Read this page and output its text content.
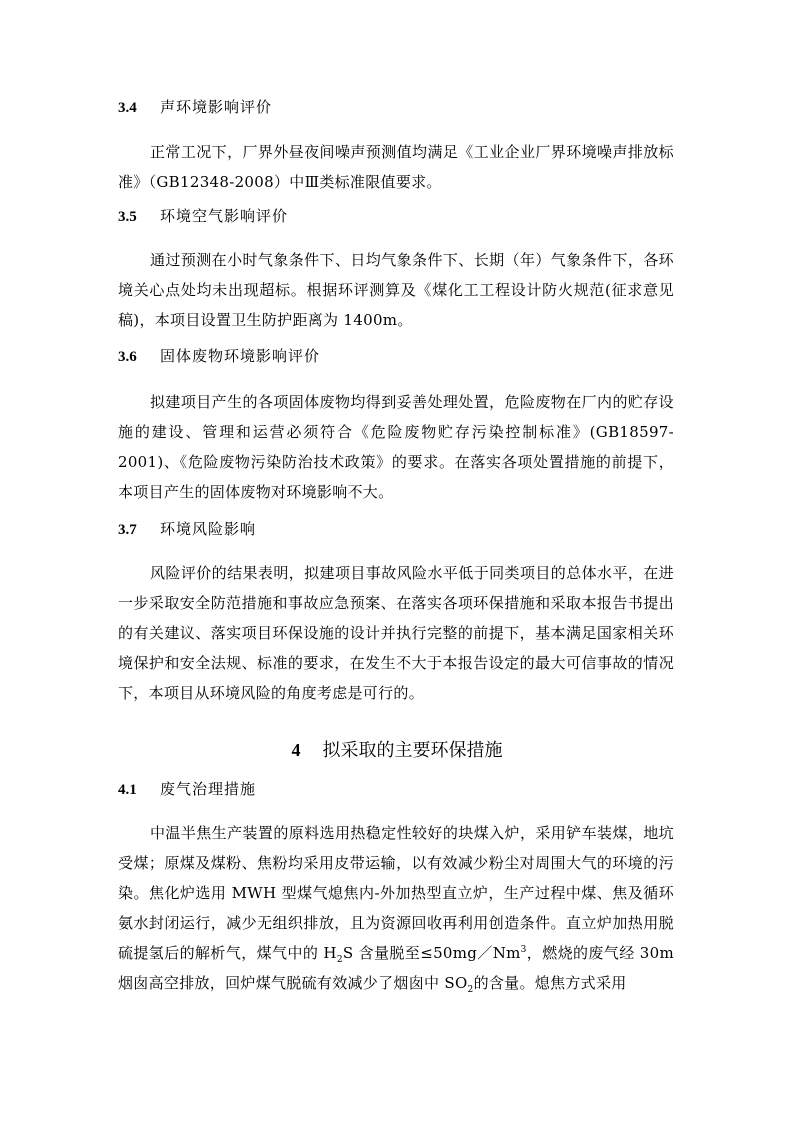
3.4 声环境影响评价
正常工况下，厂界外昼夜间噪声预测值均满足《工业企业厂界环境噪声排放标准》（GB12348-2008）中Ⅲ类标准限值要求。
3.5 环境空气影响评价
通过预测在小时气象条件下、日均气象条件下、长期（年）气象条件下，各环境关心点处均未出现超标。根据环评测算及《煤化工工程设计防火规范(征求意见稿)，本项目设置卫生防护距离为 1400m。
3.6 固体废物环境影响评价
拟建项目产生的各项固体废物均得到妥善处理处置，危险废物在厂内的贮存设施的建设、管理和运营必须符合《危险废物贮存污染控制标准》(GB18597-2001)、《危险废物污染防治技术政策》的要求。在落实各项处置措施的前提下，本项目产生的固体废物对环境影响不大。
3.7 环境风险影响
风险评价的结果表明，拟建项目事故风险水平低于同类项目的总体水平，在进一步采取安全防范措施和事故应急预案、在落实各项环保措施和采取本报告书提出的有关建议、落实项目环保设施的设计并执行完整的前提下，基本满足国家相关环境保护和安全法规、标准的要求，在发生不大于本报告设定的最大可信事故的情况下，本项目从环境风险的角度考虑是可行的。
4 拟采取的主要环保措施
4.1 废气治理措施
中温半焦生产装置的原料选用热稳定性较好的块煤入炉，采用铲车装煤，地坑受煤；原煤及煤粉、焦粉均采用皮带运输，以有效减少粉尘对周围大气的环境的污染。焦化炉选用 MWH 型煤气熄焦内-外加热型直立炉，生产过程中煤、焦及循环氨水封闭运行，减少无组织排放，且为资源回收再利用创造条件。直立炉加热用脱硫提氢后的解析气，煤气中的 $H_2S$ 含量脱至$\le 50mg/Nm^3$，燃烧的废气经 30m 烟囱高空排放，回炉煤气脱硫有效减少了烟囱中 $SO_2$的含量。熄焦方式采用
